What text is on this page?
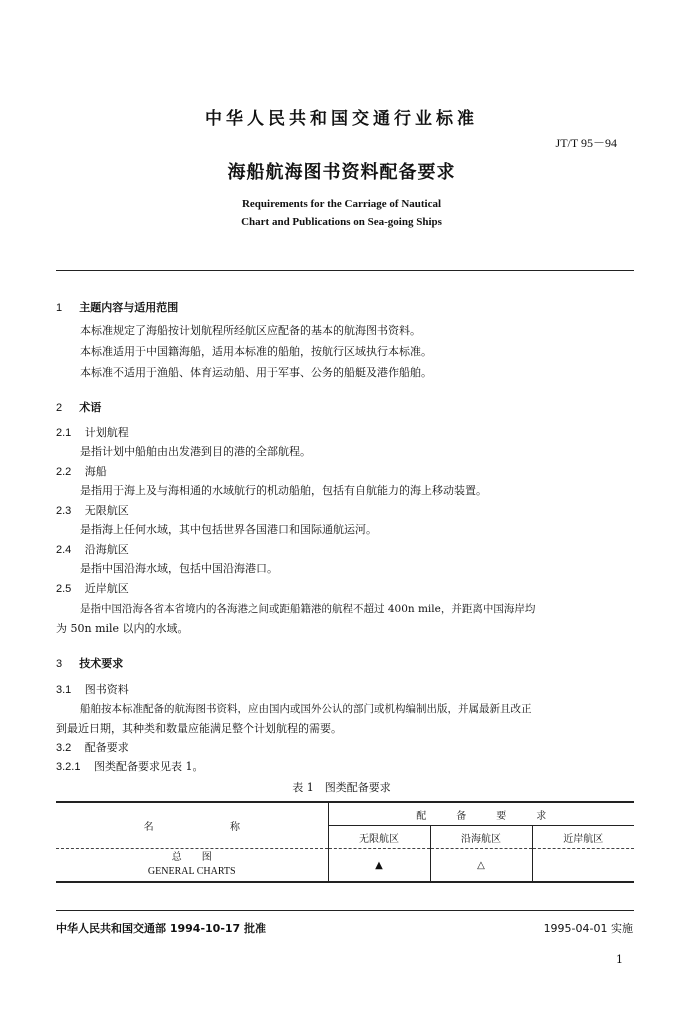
中华人民共和国交通行业标准
JT/T 95－94
海船航海图书资料配备要求
Requirements for the Carriage of Nautical
Chart and Publications on Sea-going Ships
1 主题内容与适用范围
本标准规定了海船按计划航程所经航区应配备的基本的航海图书资料。
本标准适用于中国籍海船，适用本标准的船舶，按航行区域执行本标准。
本标准不适用于渔船、体育运动船、用于军事、公务的船艇及港作船舶。
2 术语
2.1 计划航程
是指计划中船舶由出发港到目的港的全部航程。
2.2 海船
是指用于海上及与海相通的水域航行的机动船舶，包括有自航能力的海上移动装置。
2.3 无限航区
是指海上任何水域，其中包括世界各国港口和国际通航运河。
2.4 沿海航区
是指中国沿海水域，包括中国沿海港口。
2.5 近岸航区
是指中国沿海各省本省境内的各海港之间或距船籍港的航程不超过 400n mile，并距离中国海岸均
为 50n mile 以内的水域。
3 技术要求
3.1 图书资料
船舶按本标准配备的航海图书资料，应由国内或国外公认的部门或机构编制出版，并属最新且改正
到最近日期，其种类和数量应能满足整个计划航程的需要。
3.2 配备要求
3.2.1 图类配备要求见表 1。
表 1　图类配备要求
名 称	配　　　备　　　要　　　求		
	无限航区	沿海航区	近岸航区

总　　图
GENERAL CHARTS	▲	△	
中华人民共和国交通部 1994-10-17 批准	1995-04-01 实施
1
